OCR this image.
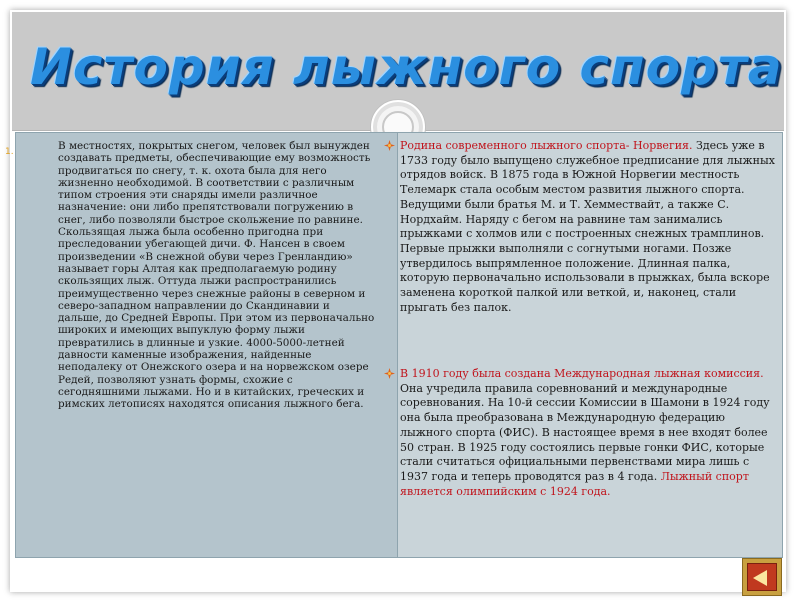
История лыжного спорта
1.	В местностях, покрытых снегом, человек был вынужден создавать предметы, обеспечивающие ему возможность продвигаться по снегу, т. к. охота была для него жизненно необходимой. В соответствии с различным типом строения эти снаряды имели различное назначение: они либо препятствовали погружению в снег, либо позволяли быстрое скольжение по равнине. Скользящая лыжа была особенно пригодна при преследовании убегающей дичи. Ф. Нансен в своем произведении «В снежной обуви через Гренландию» называет горы Алтая как предполагаемую родину скользящих лыж. Оттуда лыжи распространились преимущественно через снежные районы в северном и северо-западном направлении до Скандинавии и дальше, до Средней Европы. При этом из первоначально широких и имеющих выпуклую форму лыжи превратились в длинные и узкие. 4000-5000-летней давности каменные изображения, найденные неподалеку от Онежского озера и на норвежском озере Редей, позволяют узнать формы, схожие с сегодняшними лыжами. Но и в китайских, греческих и римских летописях находятся описания лыжного бега.

Родина современного лыжного спорта- Норвегия. Здесь уже в 1733 году было выпущено служебное предписание для лыжных отрядов войск. В 1875 года в Южной Норвегии местность Телемарк стала особым местом развития лыжного спорта. Ведущими были братья М. и Т. Хеммествайт, а также С. Нордхайм. Наряду с бегом на равнине там занимались прыжками с холмов или с построенных снежных трамплинов. Первые прыжки выполняли с согнутыми ногами. Позже утвердилось выпрямленное положение. Длинная палка, которую первоначально использовали в прыжках, была вскоре заменена короткой палкой или веткой, и, наконец, стали прыгать без палок.

В 1910 году была создана Международная лыжная комиссия. Она учредила правила соревнований и международные соревнования. На 10-й сессии Комиссии в Шамони в 1924 году она была преобразована в Международную федерацию лыжного спорта (ФИС). В настоящее время в нее входят более 50 стран. В 1925 году состоялись первые гонки ФИС, которые стали считаться официальными первенствами мира лишь с 1937 года и теперь проводятся раз в 4 года. Лыжный спорт является олимпийским с 1924 года.
